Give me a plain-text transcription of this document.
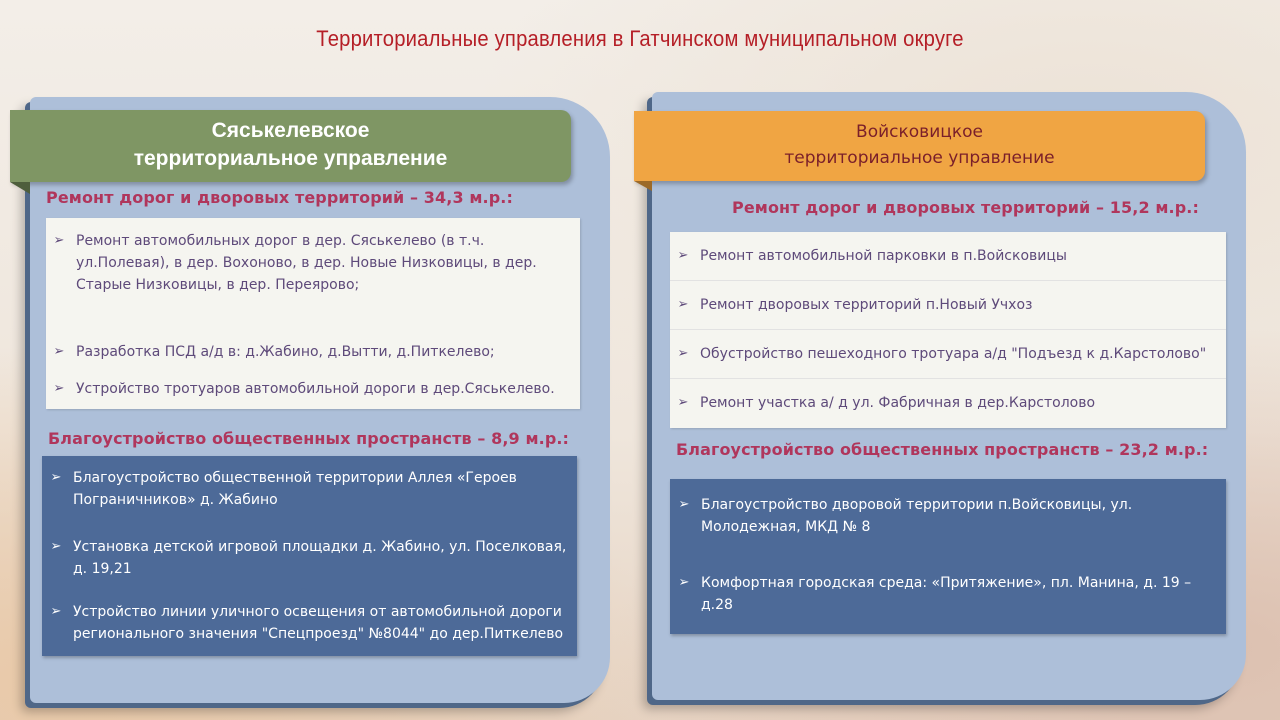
Территориальные управления в Гатчинском муниципальном округе
Сяськелевское
территориальное управление
Ремонт дорог и дворовых территорий – 34,3 м.р.:
➢ Ремонт автомобильных дорог в дер. Сяськелево (в т.ч. ул.Полевая), в дер. Вохоново, в дер. Новые Низковицы, в дер. Старые Низковицы, в дер. Переярово;
➢ Разработка ПСД а/д в: д.Жабино, д.Вытти, д.Питкелево;
➢ Устройство тротуаров автомобильной дороги в дер.Сяськелево.
Благоустройство общественных пространств – 8,9 м.р.:
➢ Благоустройство общественной территории Аллея «Героев Пограничников» д. Жабино
➢ Установка детской игровой площадки д. Жабино, ул. Поселковая, д. 19,21
➢ Устройство линии уличного освещения от автомобильной дороги регионального значения "Спецпроезд" №8044" до дер.Питкелево
Войсковицкое
территориальное управление
Ремонт дорог и дворовых территорий – 15,2 м.р.:
➢ Ремонт автомобильной парковки в п.Войсковицы
➢ Ремонт дворовых территорий п.Новый Учхоз
➢ Обустройство пешеходного тротуара а/д "Подъезд к д.Карстолово"
➢ Ремонт участка а/ д ул. Фабричная в дер.Карстолово
Благоустройство общественных пространств – 23,2 м.р.:
➢ Благоустройство дворовой территории п.Войсковицы, ул. Молодежная, МКД № 8
➢ Комфортная городская среда: «Притяжение», пл. Манина, д. 19 – д.28
